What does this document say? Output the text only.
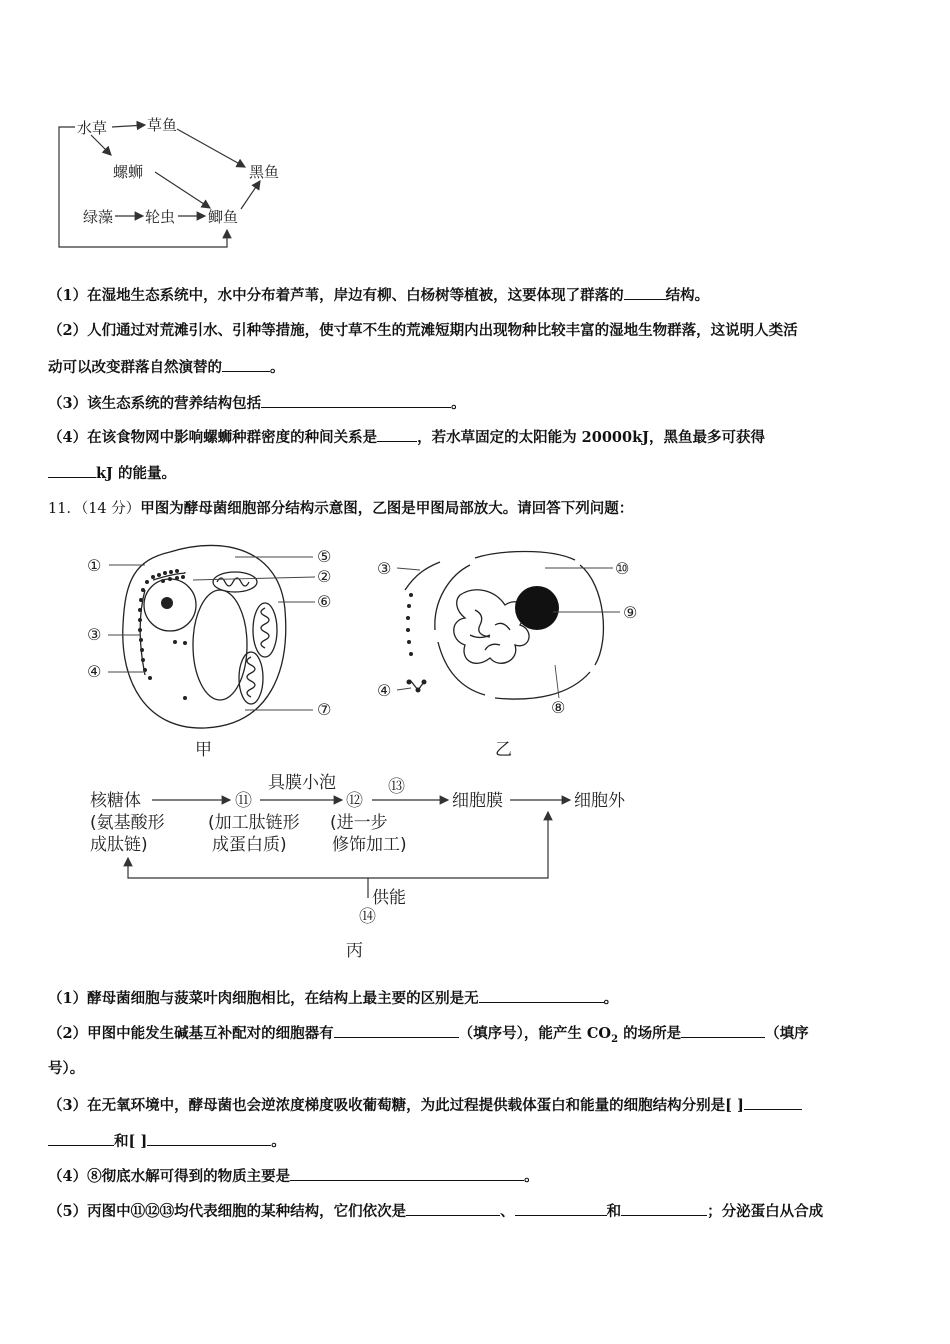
水草	草鱼
螺蛳	黑鱼
绿藻 轮虫 鲫鱼
（1）在湿地生态系统中，水中分布着芦苇，岸边有柳、白杨树等植被，这要体现了群落的	结构。
（2）人们通过对荒滩引水、引种等措施，使寸草不生的荒滩短期内出现物种比较丰富的湿地生物群落，这说明人类活
动可以改变群落自然演替的	。
（3）该生态系统的营养结构包括	。
（4）在该食物网中影响螺蛳种群密度的种间关系是	，若水草固定的太阳能为 20000kJ，黑鱼最多可获得
kJ 的能量。
11．（14 分）甲图为酵母菌细胞部分结构示意图，乙图是甲图局部放大。请回答下列问题：
①	⑤
②
⑥
③
④
⑦
甲
③
④
⑩
⑨
⑧
乙
核糖体
(氨基酸形
成肽链)
⑪
(加工肽链形
成蛋白质)
具膜小泡
⑫
(进一步
修饰加工)
⑬
细胞膜	细胞外
供能
⑭
丙
（1）酵母菌细胞与菠菜叶肉细胞相比，在结构上最主要的区别是无	。
（2）甲图中能发生碱基互补配对的细胞器有	（填序号），能产生 $CO_2$ 的场所是	（填序
号）。
（3）在无氧环境中，酵母菌也会逆浓度梯度吸收葡萄糖，为此过程提供载体蛋白和能量的细胞结构分别是[ ]
和[ ]	。
（4）⑧彻底水解可得到的物质主要是	。
（5）丙图中⑪⑫⑬均代表细胞的某种结构，它们依次是	、	和	；分泌蛋白从合成
